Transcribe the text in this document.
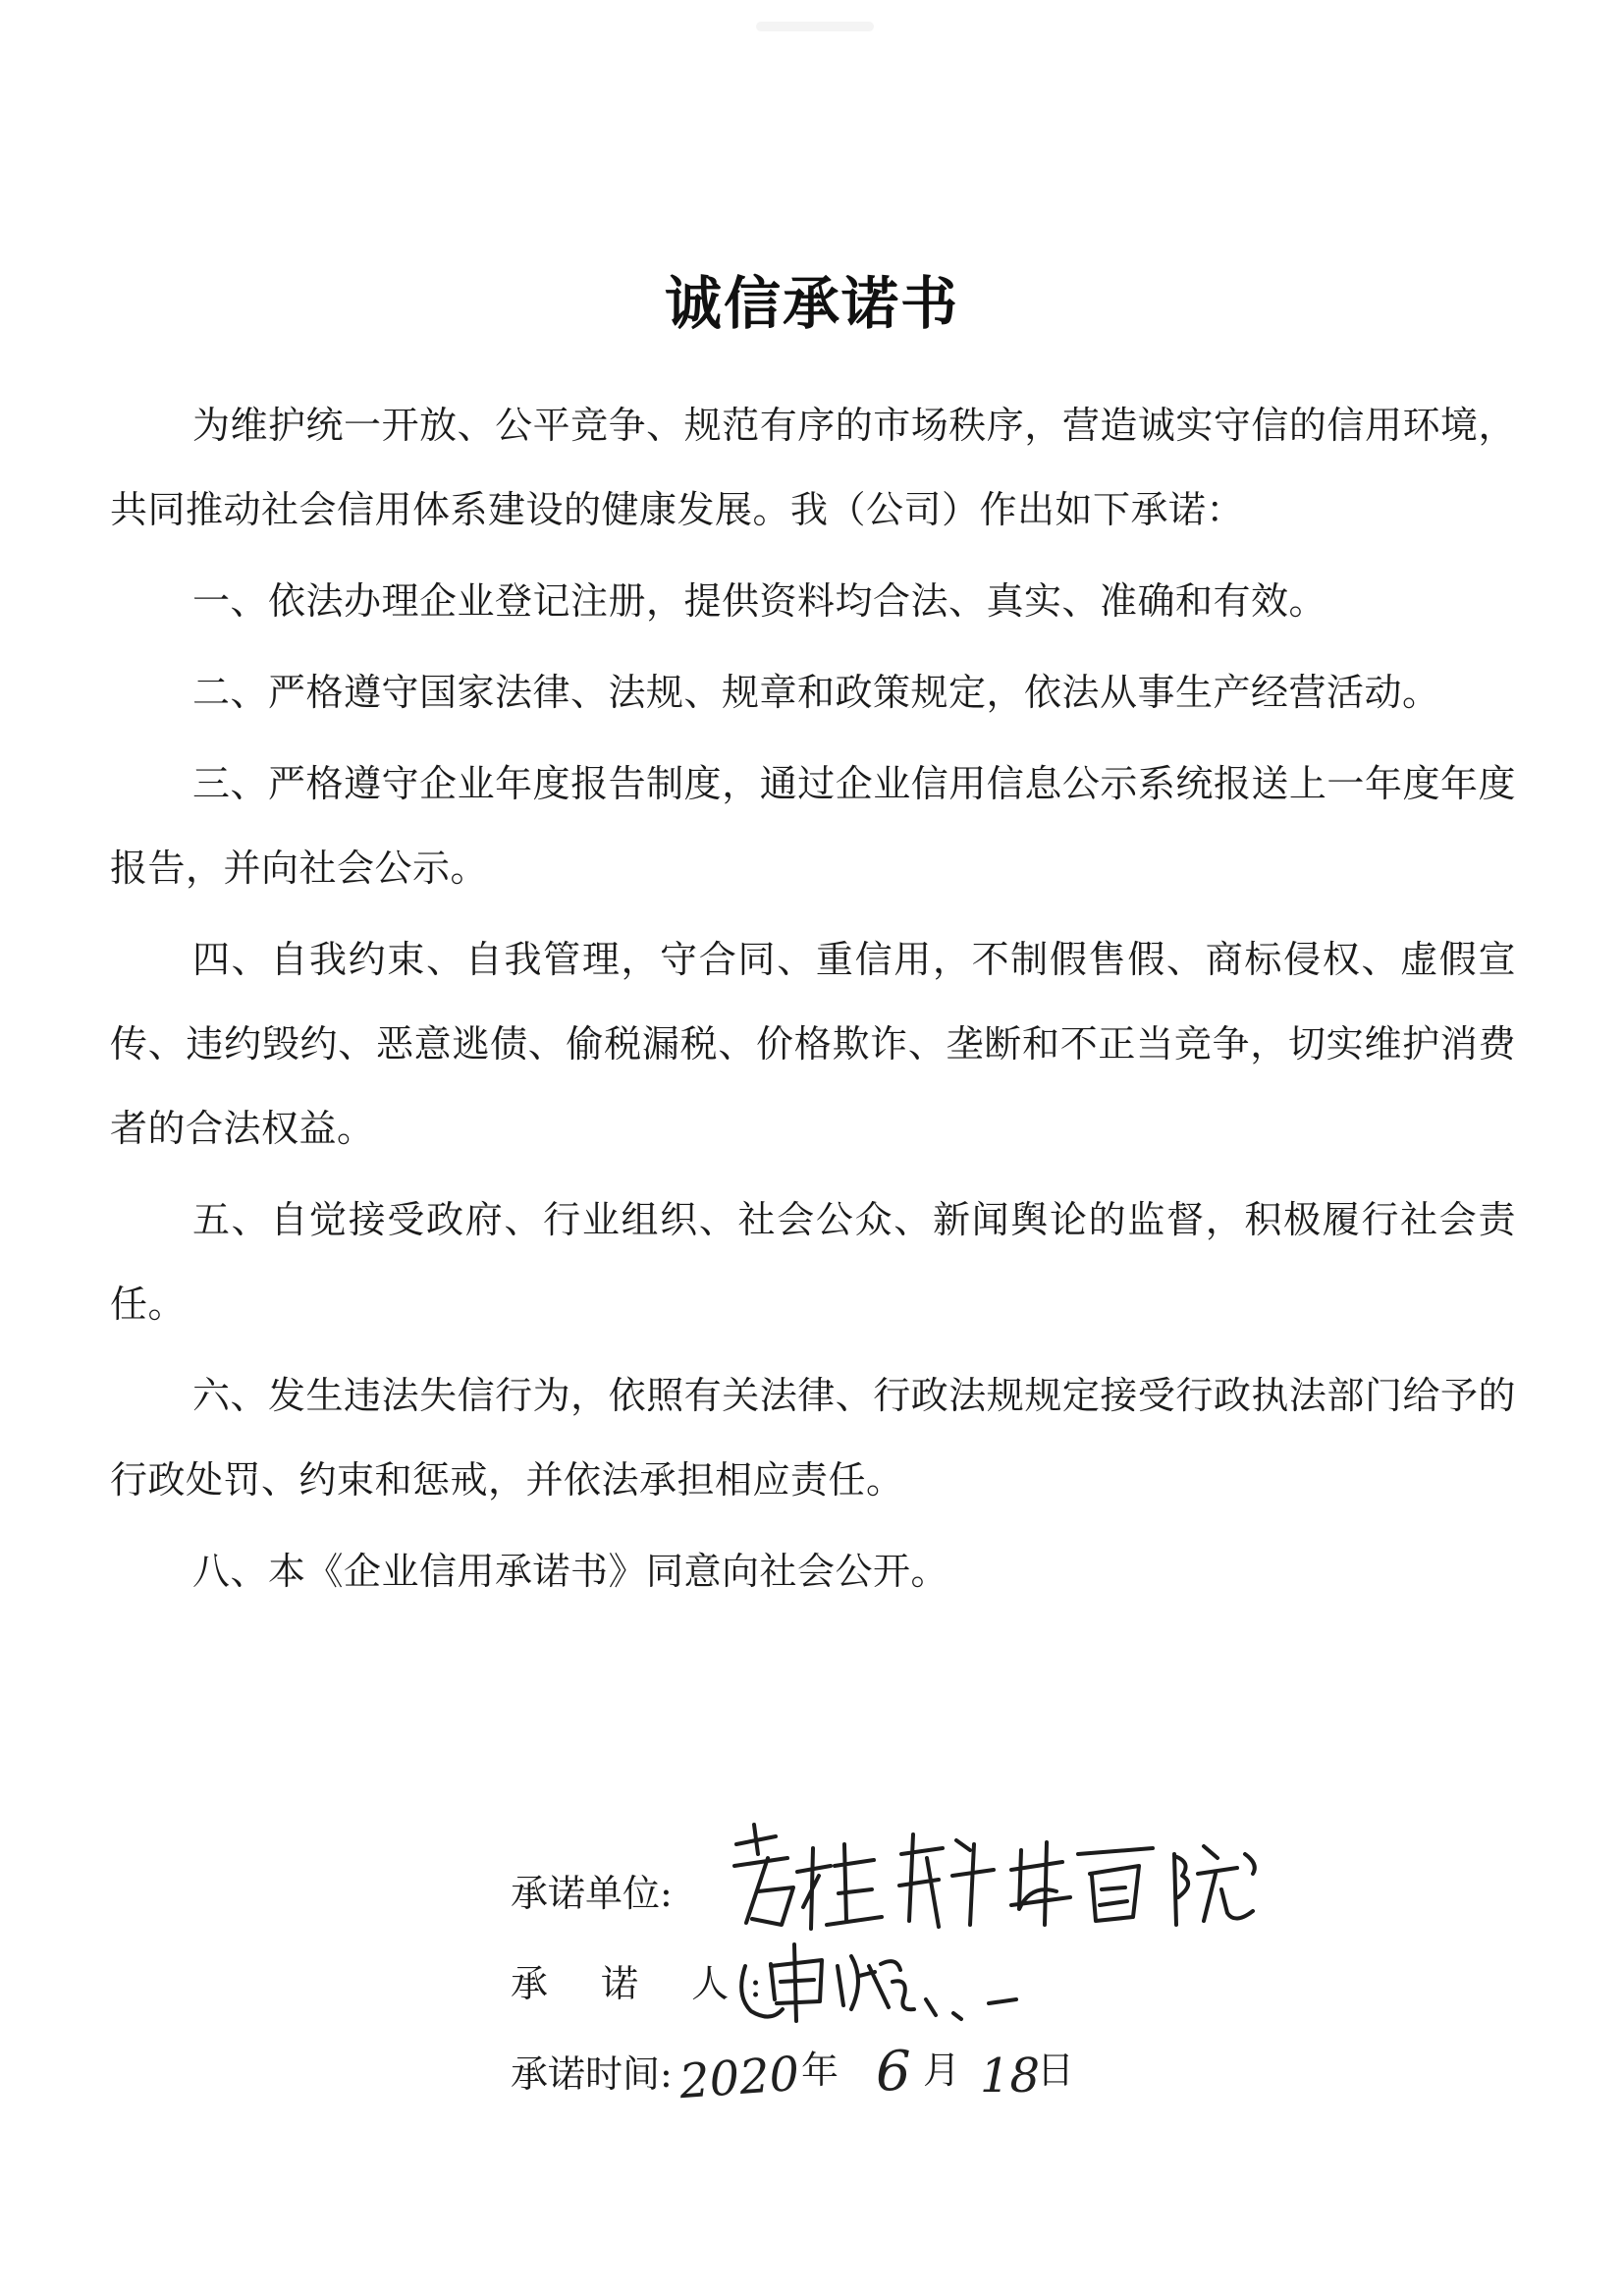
诚信承诺书

为维护统一开放、公平竞争、规范有序的市场秩序，营造诚实守信的信用环境，共同推动社会信用体系建设的健康发展。我（公司）作出如下承诺：

一、依法办理企业登记注册，提供资料均合法、真实、准确和有效。

二、严格遵守国家法律、法规、规章和政策规定，依法从事生产经营活动。

三、严格遵守企业年度报告制度，通过企业信用信息公示系统报送上一年度年度报告，并向社会公示。

四、自我约束、自我管理，守合同、重信用，不制假售假、商标侵权、虚假宣传、违约毁约、恶意逃债、偷税漏税、价格欺诈、垄断和不正当竞争，切实维护消费者的合法权益。

五、自觉接受政府、行业组织、社会公众、新闻舆论的监督，积极履行社会责任。

六、发生违法失信行为，依照有关法律、行政法规规定接受行政执法部门给予的行政处罚、约束和惩戒，并依法承担相应责任。

八、本《企业信用承诺书》同意向社会公开。

承诺单位:
承 诺 人:
承诺时间: 2020 年 6 月 18
日
